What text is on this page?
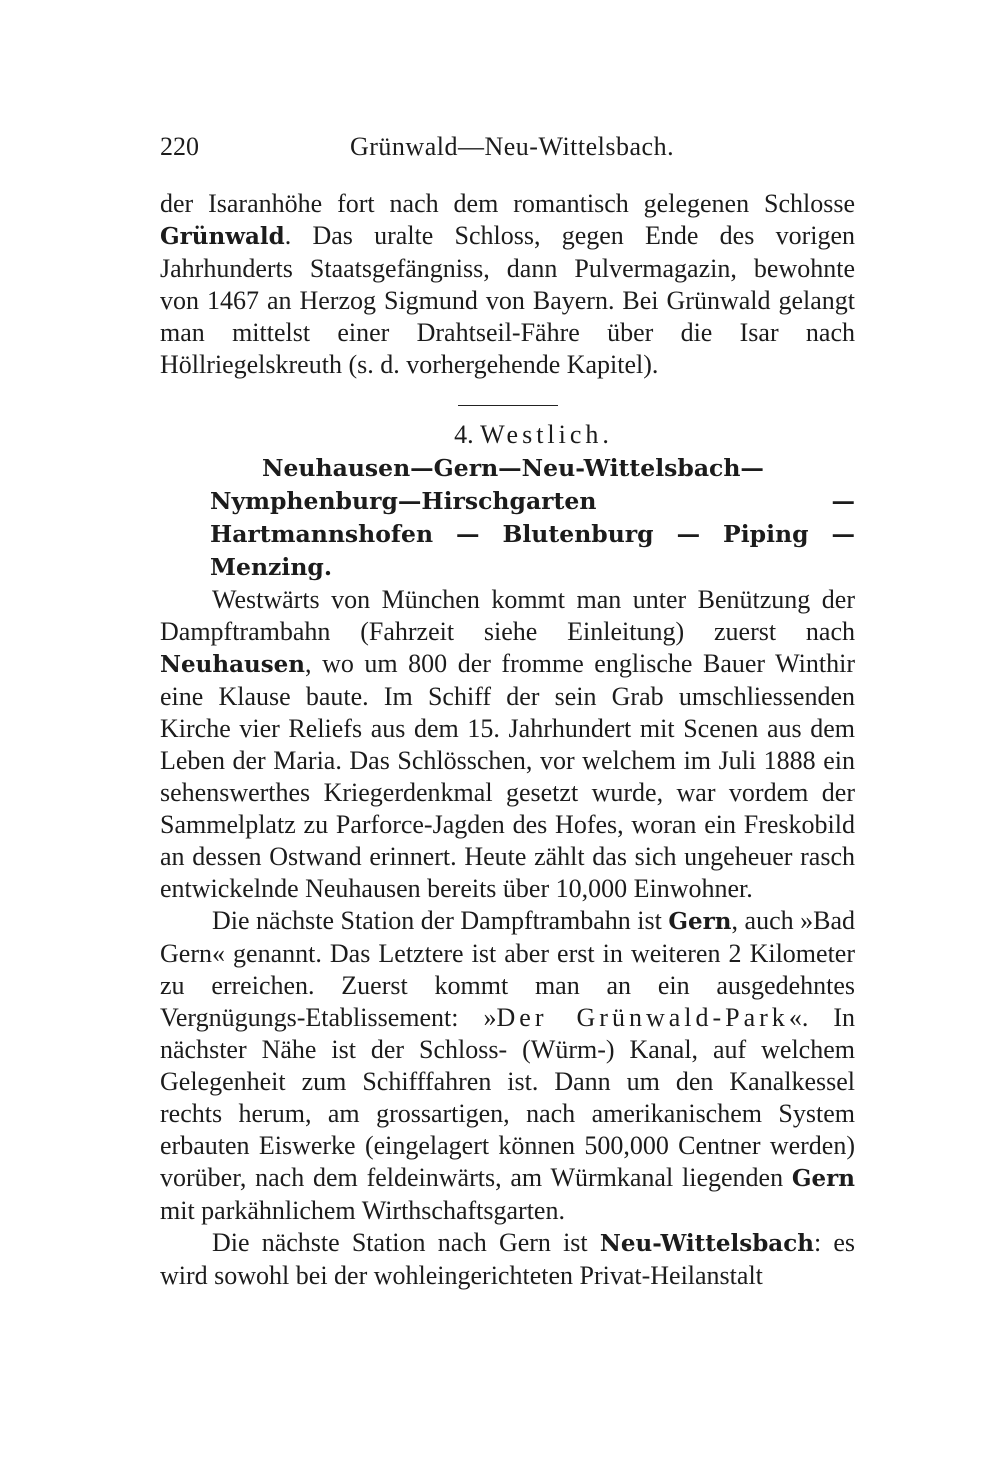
220	Grünwald—Neu-Wittelsbach.

der Isaranhöhe fort nach dem romantisch gelegenen Schlosse Grünwald. Das uralte Schloss, gegen Ende des vorigen Jahrhunderts Staatsgefängniss, dann Pulvermagazin, bewohnte von 1467 an Herzog Sigmund von Bayern. Bei Grünwald gelangt man mittelst einer Drahtseil-Fähre über die Isar nach Höllriegelskreuth (s. d. vorhergehende Kapitel).

4. Westlich.

Neuhausen—Gern—Neu-Wittelsbach—Nymphenburg—Hirschgarten — Hartmannshofen — Blutenburg — Piping — Menzing.

Westwärts von München kommt man unter Benützung der Dampftrambahn (Fahrzeit siehe Einleitung) zuerst nach Neuhausen, wo um 800 der fromme englische Bauer Winthir eine Klause baute. Im Schiff der sein Grab umschliessenden Kirche vier Reliefs aus dem 15. Jahrhundert mit Scenen aus dem Leben der Maria. Das Schlösschen, vor welchem im Juli 1888 ein sehenswerthes Kriegerdenkmal gesetzt wurde, war vordem der Sammelplatz zu Parforce-Jagden des Hofes, woran ein Freskobild an dessen Ostwand erinnert. Heute zählt das sich ungeheuer rasch entwickelnde Neuhausen bereits über 10,000 Einwohner.

Die nächste Station der Dampftrambahn ist Gern, auch »Bad Gern« genannt. Das Letztere ist aber erst in weiteren 2 Kilometer zu erreichen. Zuerst kommt man an ein ausgedehntes Vergnügungs-Etablissement: »Der Grünwald-Park«. In nächster Nähe ist der Schloss- (Würm-) Kanal, auf welchem Gelegenheit zum Schifffahren ist. Dann um den Kanalkessel rechts herum, am grossartigen, nach amerikanischem System erbauten Eiswerke (eingelagert können 500,000 Centner werden) vorüber, nach dem feldeinwärts, am Würmkanal liegenden Gern mit parkähnlichem Wirthschaftsgarten.

Die nächste Station nach Gern ist Neu-Wittelsbach: es wird sowohl bei der wohleingerichteten Privat-Heilanstalt
